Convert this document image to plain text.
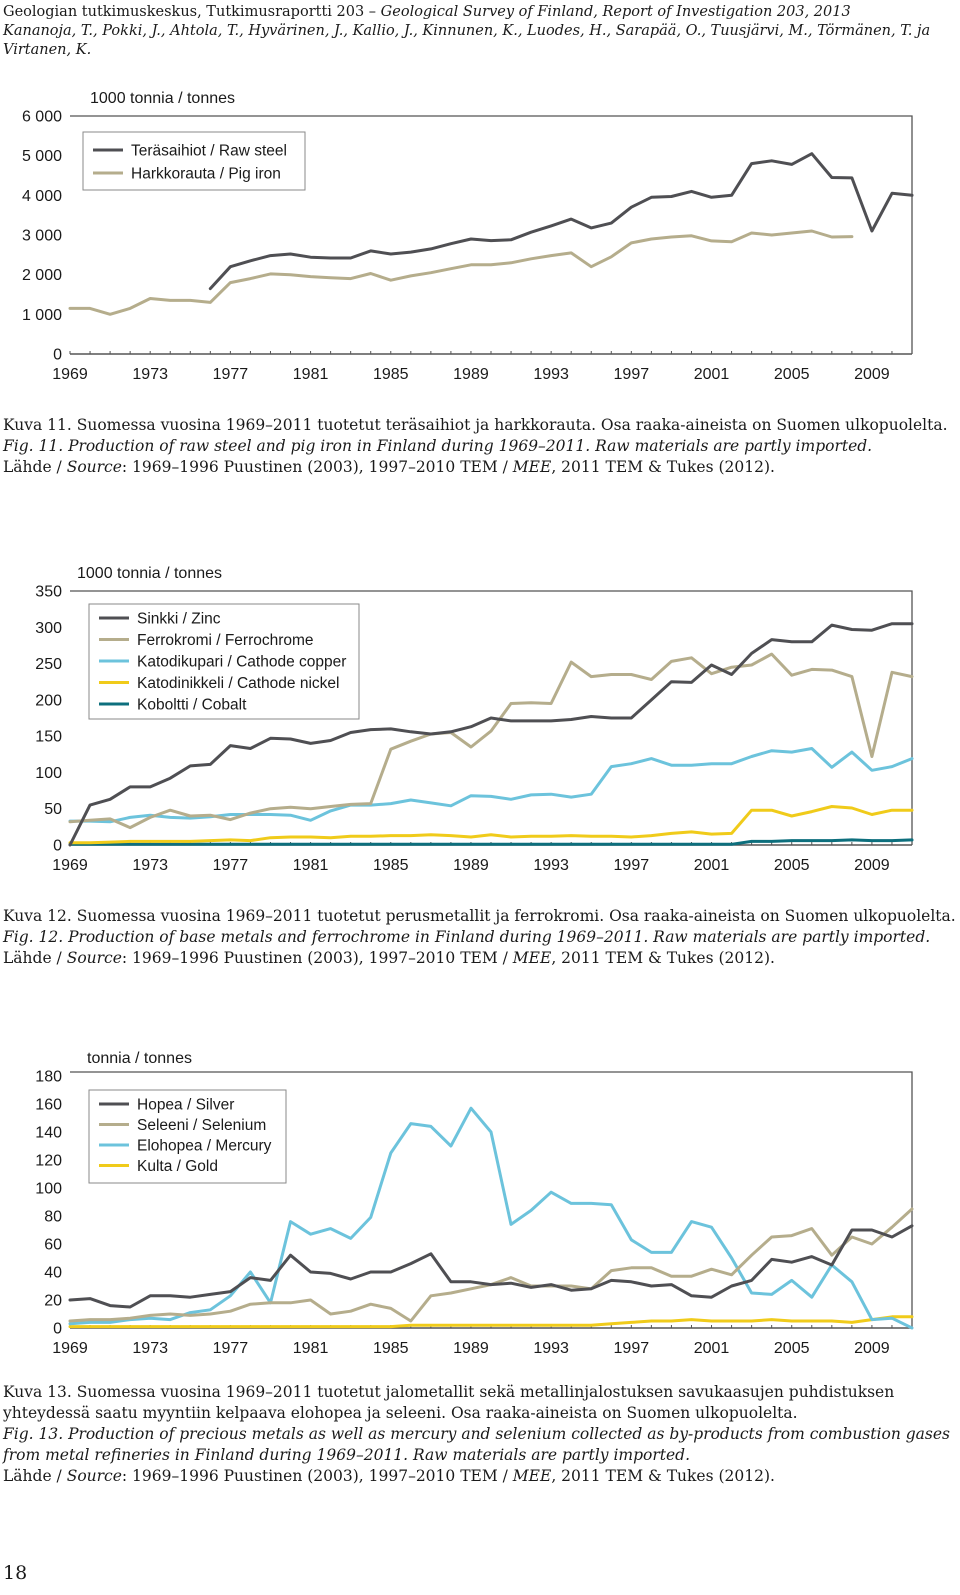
Geologian tutkimuskeskus, Tutkimusraportti 203 – Geological Survey of Finland, Report of Investigation 203, 2013
Kananoja, T., Pokki, J., Ahtola, T., Hyvärinen, J., Kallio, J., Kinnunen, K., Luodes, H., Sarapää, O., Tuusjärvi, M., Törmänen, T. ja Virtanen, K.
0
1 000
2 000
3 000
4 000
5 000
6 000
1969	1973	1977	1981	1985	1989	1993	1997	2001	2005	2009
1000 tonnia / tonnes
Teräsaihiot / Raw steel
Harkkorauta / Pig iron
Kuva 11. Suomessa vuosina 1969–2011 tuotetut teräsaihiot ja harkkorauta. Osa raaka-aineista on Suomen ulkopuolelta.
Fig. 11. Production of raw steel and pig iron in Finland during 1969–2011. Raw materials are partly imported.
Lähde / Source: 1969–1996 Puustinen (2003), 1997–2010 TEM / MEE, 2011 TEM & Tukes (2012).
0
50
100
150
200
250
300
350
1969	1973	1977	1981	1985	1989	1993	1997	2001	2005	2009
1000 tonnia / tonnes
Sinkki / Zinc
Ferrokromi / Ferrochrome
Katodikupari / Cathode copper
Katodinikkeli / Cathode nickel
Koboltti / Cobalt
Kuva 12. Suomessa vuosina 1969–2011 tuotetut perusmetallit ja ferrokromi. Osa raaka-aineista on Suomen ulkopuolelta.
Fig. 12. Production of base metals and ferrochrome in Finland during 1969–2011. Raw materials are partly imported.
Lähde / Source: 1969–1996 Puustinen (2003), 1997–2010 TEM / MEE, 2011 TEM & Tukes (2012).
0
20
40
60
80
100
120
140
160
180
1969	1973	1977	1981	1985	1989	1993	1997	2001	2005	2009
tonnia / tonnes
Hopea / Silver
Seleeni / Selenium
Elohopea / Mercury
Kulta / Gold
Kuva 13. Suomessa vuosina 1969–2011 tuotetut jalometallit sekä metallinjalostuksen savukaasujen puhdistuksen yhteydessä saatu myyntiin kelpaava elohopea ja seleeni. Osa raaka-aineista on Suomen ulkopuolelta.
Fig. 13. Production of precious metals as well as mercury and selenium collected as by-products from combustion gases from metal refineries in Finland during 1969–2011. Raw materials are partly imported.
Lähde / Source: 1969–1996 Puustinen (2003), 1997–2010 TEM / MEE, 2011 TEM & Tukes (2012).
18
